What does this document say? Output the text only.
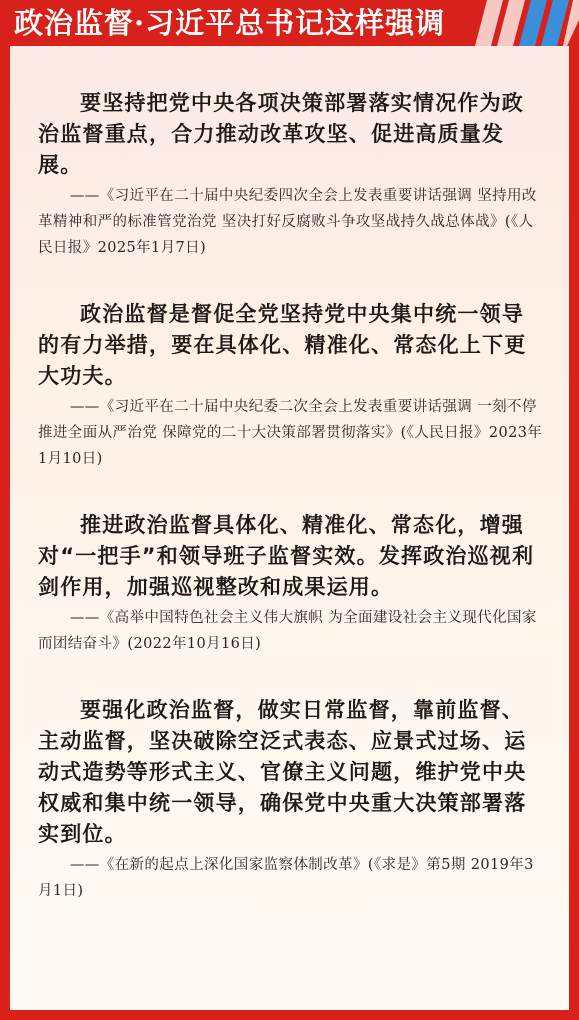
政治监督·习近平总书记这样强调

要坚持把党中央各项决策部署落实情况作为政治监督重点，合力推动改革攻坚、促进高质量发展。

——《习近平在二十届中央纪委四次全会上发表重要讲话强调 坚持用改革精神和严的标准管党治党 坚决打好反腐败斗争攻坚战持久战总体战》(《人民日报》2025年1月7日)

政治监督是督促全党坚持党中央集中统一领导的有力举措，要在具体化、精准化、常态化上下更大功夫。

——《习近平在二十届中央纪委二次全会上发表重要讲话强调 一刻不停推进全面从严治党 保障党的二十大决策部署贯彻落实》(《人民日报》2023年1月10日)

推进政治监督具体化、精准化、常态化，增强对“一把手”和领导班子监督实效。发挥政治巡视利剑作用，加强巡视整改和成果运用。

——《高举中国特色社会主义伟大旗帜 为全面建设社会主义现代化国家而团结奋斗》(2022年10月16日)

要强化政治监督，做实日常监督，靠前监督、主动监督，坚决破除空泛式表态、应景式过场、运动式造势等形式主义、官僚主义问题，维护党中央权威和集中统一领导，确保党中央重大决策部署落实到位。

——《在新的起点上深化国家监察体制改革》(《求是》第5期 2019年3月1日)
